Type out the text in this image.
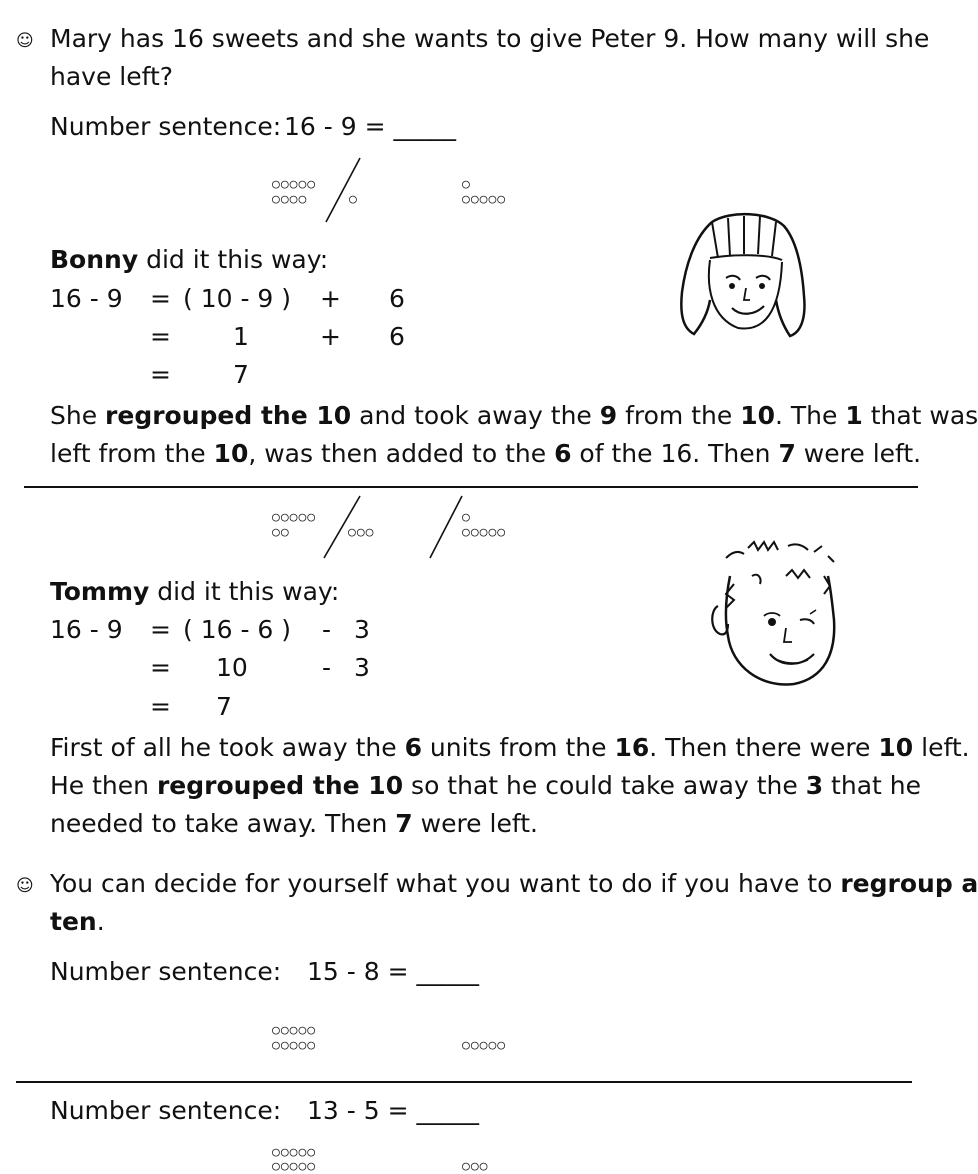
☺ Mary has 16 sweets and she wants to give Peter 9. How many will she
have left?
Number sentence: 16 - 9 = _____
○○○○○
○○○○	○
○
○○○○○
Bonny did it this way:
16 - 9 = ( 10 - 9 ) + 6
= 1	+ 6
= 7
She regrouped the 10 and took away the 9 from the 10. The 1 that was
left from the 10, was then added to the 6 of the 16. Then 7 were left.
○○○○○
○○	○○○
○
○○○○○
Tommy did it this way:
16 - 9 = ( 16 - 6 ) - 3
= 10	- 3
= 7
First of all he took away the 6 units from the 16. Then there were 10 left.
He then regrouped the 10 so that he could take away the 3 that he
needed to take away. Then 7 were left.
☺ You can decide for yourself what you want to do if you have to regroup a
ten.
Number sentence: 15 - 8 = _____
○○○○○
○○○○○	○○○○○
Number sentence: 13 - 5 = _____
○○○○○
○○○○○	○○○
